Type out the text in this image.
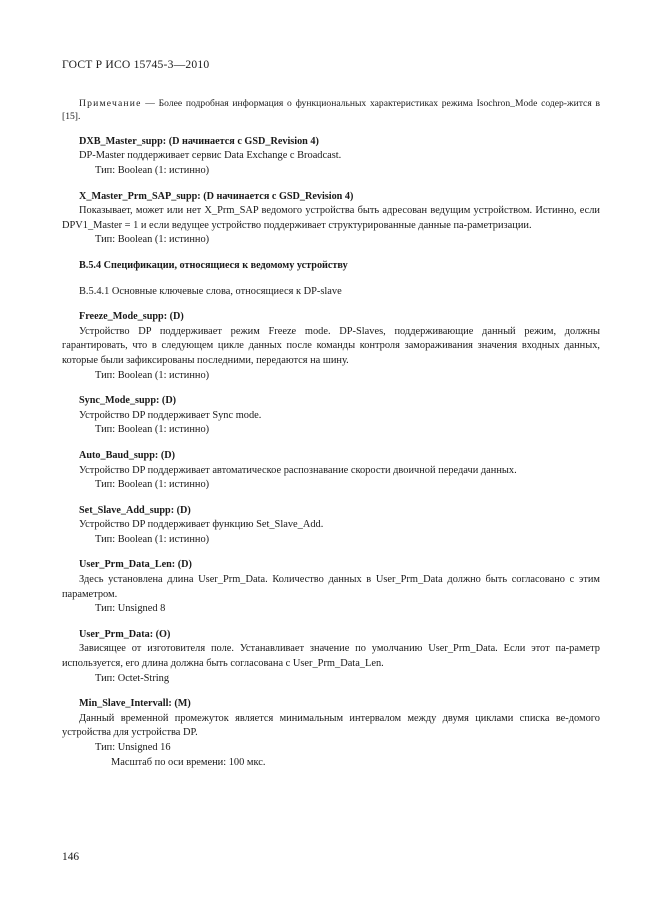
ГОСТ Р ИСО 15745-3—2010

Примечание — Более подробная информация о функциональных характеристиках режима Isochron_Mode содер-жится в [15].

DXB_Master_supp: (D начинается с GSD_Revision 4)

DP-Master поддерживает сервис Data Exchange с Broadcast.

Тип: Boolean (1: истинно)

X_Master_Prm_SAP_supp: (D начинается с GSD_Revision 4)

Показывает, может или нет X_Prm_SAP ведомого устройства быть адресован ведущим устройством. Истинно, если DPV1_Master = 1 и если ведущее устройство поддерживает структурированные данные па-раметризации.

Тип: Boolean (1: истинно)

B.5.4 Спецификации, относящиеся к ведомому устройству

B.5.4.1 Основные ключевые слова, относящиеся к DP-slave

Freeze_Mode_supp: (D)

Устройство DP поддерживает режим Freeze mode. DP-Slaves, поддерживающие данный режим, должны гарантировать, что в следующем цикле данных после команды контроля замораживания значения входных данных, которые были зафиксированы последними, передаются на шину.

Тип: Boolean (1: истинно)

Sync_Mode_supp: (D)

Устройство DP поддерживает Sync mode.

Тип: Boolean (1: истинно)

Auto_Baud_supp: (D)

Устройство DP поддерживает автоматическое распознавание скорости двоичной передачи данных.

Тип: Boolean (1: истинно)

Set_Slave_Add_supp: (D)

Устройство DP поддерживает функцию Set_Slave_Add.

Тип: Boolean (1: истинно)

User_Prm_Data_Len: (D)

Здесь установлена длина User_Prm_Data. Количество данных в User_Prm_Data должно быть согласовано с этим параметром.

Тип: Unsigned 8

User_Prm_Data: (O)

Зависящее от изготовителя поле. Устанавливает значение по умолчанию User_Prm_Data. Если этот па-раметр используется, его длина должна быть согласована с User_Prm_Data_Len.

Тип: Octet-String

Min_Slave_Intervall: (M)

Данный временной промежуток является минимальным интервалом между двумя циклами списка ве-домого устройства для устройства DP.

Тип: Unsigned 16

Масштаб по оси времени: 100 мкс.

146
